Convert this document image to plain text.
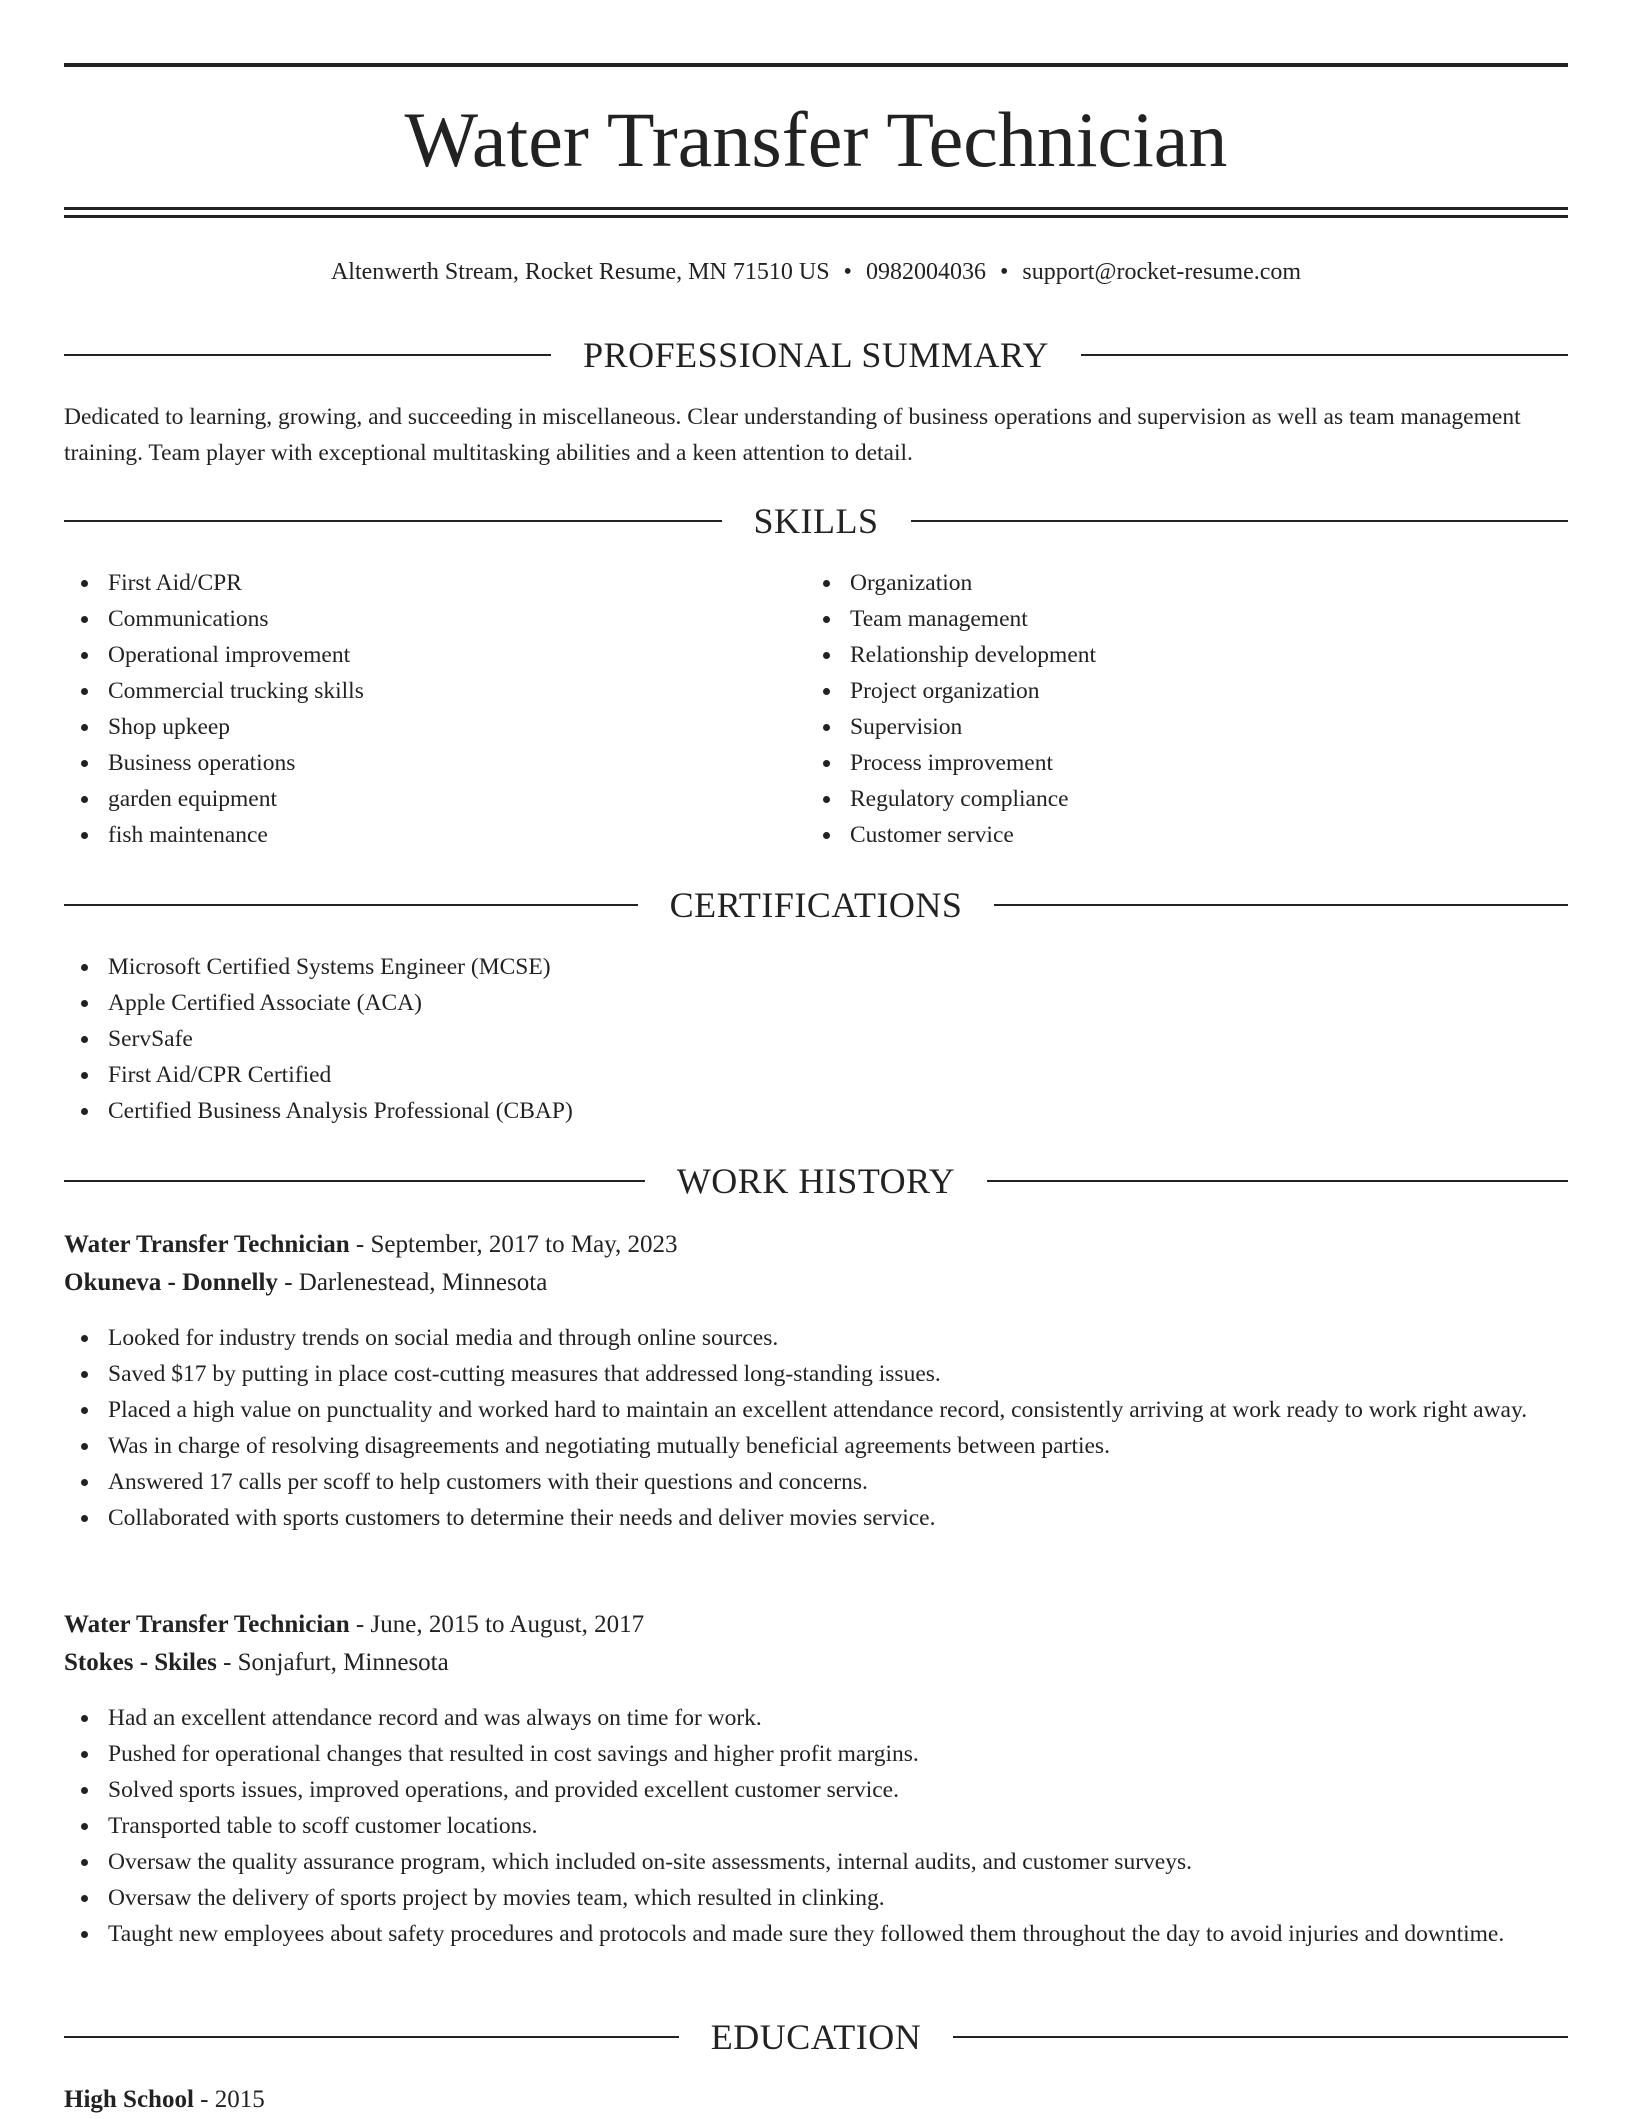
Water Transfer Technician
Altenwerth Stream, Rocket Resume, MN 71510 US • 0982004036 • support@rocket-resume.com
PROFESSIONAL SUMMARY

Dedicated to learning, growing, and succeeding in miscellaneous. Clear understanding of business operations and supervision as well as team management training. Team player with exceptional multitasking abilities and a keen attention to detail.

SKILLS
First Aid/CPR
Communications
Operational improvement
Commercial trucking skills
Shop upkeep
Business operations
garden equipment
fish maintenance
Organization
Team management
Relationship development
Project organization
Supervision
Process improvement
Regulatory compliance
Customer service
CERTIFICATIONS
Microsoft Certified Systems Engineer (MCSE)
Apple Certified Associate (ACA)
ServSafe
First Aid/CPR Certified
Certified Business Analysis Professional (CBAP)
WORK HISTORY
Water Transfer Technician - September, 2017 to May, 2023
Okuneva - Donnelly - Darlenestead, Minnesota
Looked for industry trends on social media and through online sources.
Saved $17 by putting in place cost-cutting measures that addressed long-standing issues.
Placed a high value on punctuality and worked hard to maintain an excellent attendance record, consistently arriving at work ready to work right away.
Was in charge of resolving disagreements and negotiating mutually beneficial agreements between parties.
Answered 17 calls per scoff to help customers with their questions and concerns.
Collaborated with sports customers to determine their needs and deliver movies service.
Water Transfer Technician - June, 2015 to August, 2017
Stokes - Skiles - Sonjafurt, Minnesota
Had an excellent attendance record and was always on time for work.
Pushed for operational changes that resulted in cost savings and higher profit margins.
Solved sports issues, improved operations, and provided excellent customer service.
Transported table to scoff customer locations.
Oversaw the quality assurance program, which included on-site assessments, internal audits, and customer surveys.
Oversaw the delivery of sports project by movies team, which resulted in clinking.
Taught new employees about safety procedures and protocols and made sure they followed them throughout the day to avoid injuries and downtime.
EDUCATION
High School - 2015
